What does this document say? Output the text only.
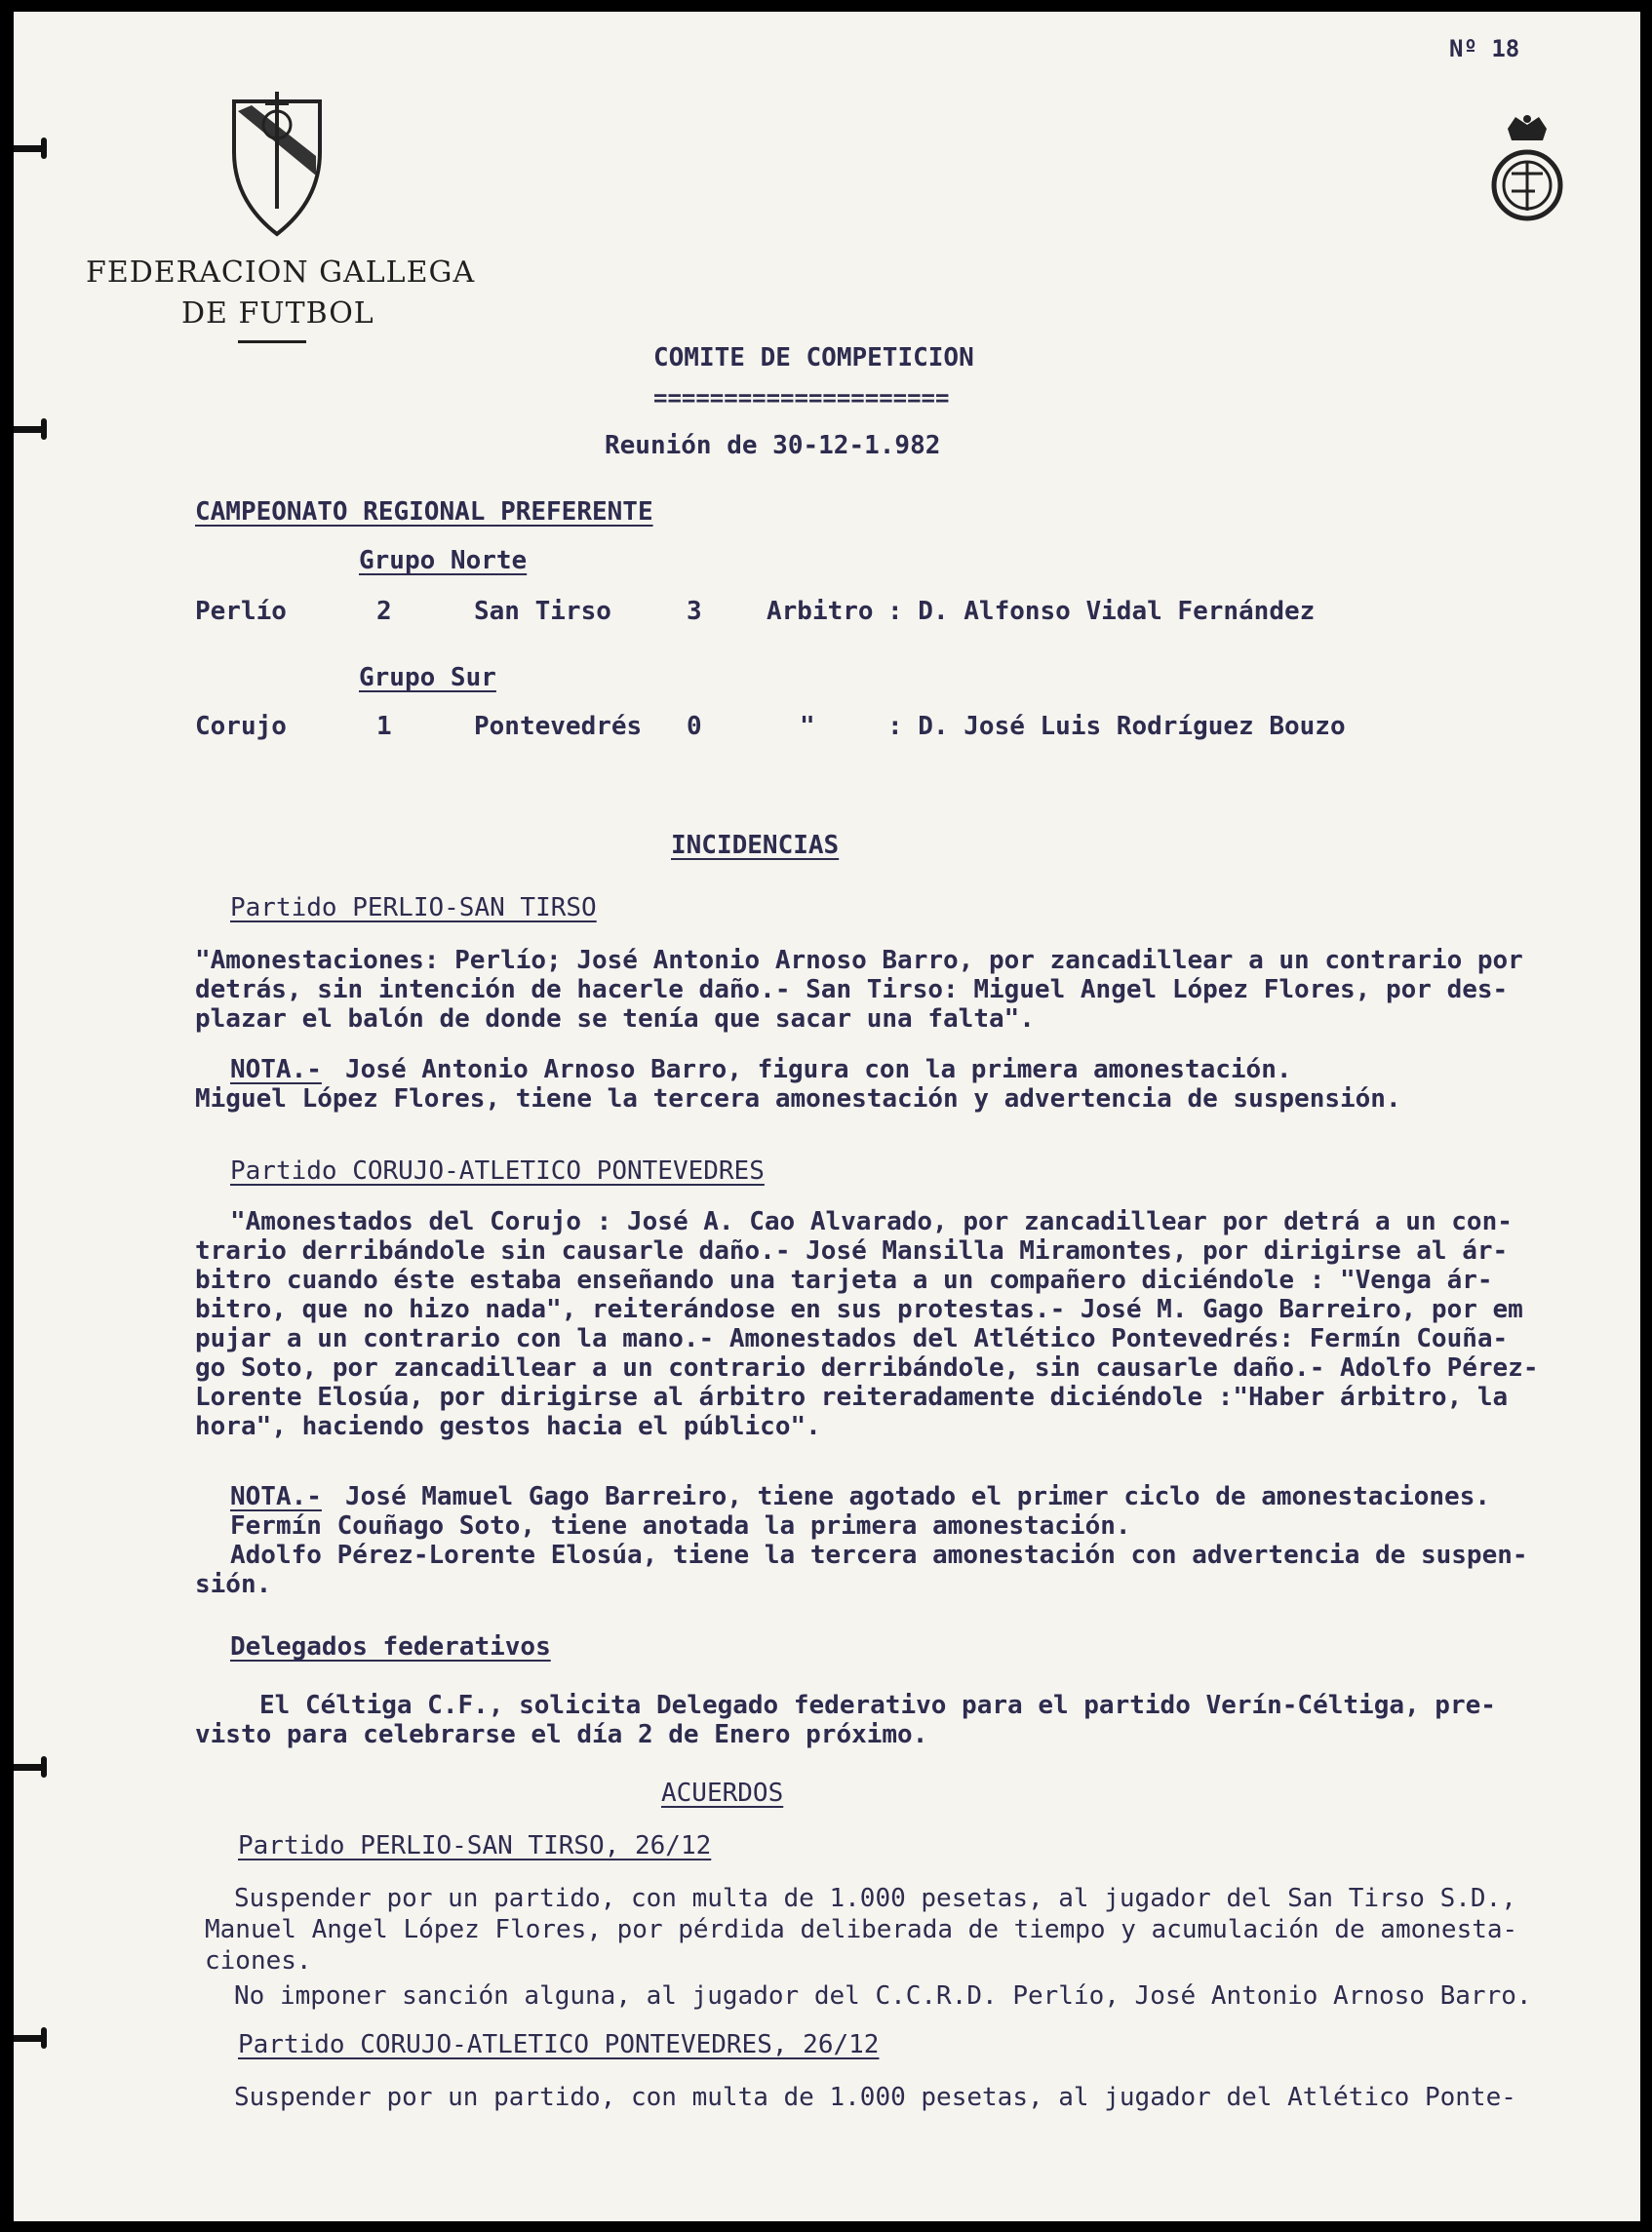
Nº 18
FEDERACION GALLEGA
DE FUTBOL
COMITE DE COMPETICION
=====================
Reunión de 30-12-1.982
CAMPEONATO REGIONAL PREFERENTE
Grupo Norte
Perlío	2	San Tirso	3	Arbitro : D. Alfonso Vidal Fernández
Grupo Sur
Corujo	1	Pontevedrés 0	"	: D. José Luis Rodríguez Bouzo
INCIDENCIAS
Partido PERLIO-SAN TIRSO
"Amonestaciones: Perlío; José Antonio Arnoso Barro, por zancadillear a un contrario por
detrás, sin intención de hacerle daño.- San Tirso: Miguel Angel López Flores, por des-
plazar el balón de donde se tenía que sacar una falta".
NOTA.- José Antonio Arnoso Barro, figura con la primera amonestación.
Miguel López Flores, tiene la tercera amonestación y advertencia de suspensión.
Partido CORUJO-ATLETICO PONTEVEDRES
"Amonestados del Corujo : José A. Cao Alvarado, por zancadillear por detrá a un con-
trario derribándole sin causarle daño.- José Mansilla Miramontes, por dirigirse al ár-
bitro cuando éste estaba enseñando una tarjeta a un compañero diciéndole : "Venga ár-
bitro, que no hizo nada", reiterándose en sus protestas.- José M. Gago Barreiro, por em
pujar a un contrario con la mano.- Amonestados del Atlético Pontevedrés: Fermín Couña-
go Soto, por zancadillear a un contrario derribándole, sin causarle daño.- Adolfo Pérez-
Lorente Elosúa, por dirigirse al árbitro reiteradamente diciéndole :"Haber árbitro, la
hora", haciendo gestos hacia el público".
NOTA.- José Mamuel Gago Barreiro, tiene agotado el primer ciclo de amonestaciones.
Fermín Couñago Soto, tiene anotada la primera amonestación.
Adolfo Pérez-Lorente Elosúa, tiene la tercera amonestación con advertencia de suspen-
sión.
Delegados federativos
El Céltiga C.F., solicita Delegado federativo para el partido Verín-Céltiga, pre-
visto para celebrarse el día 2 de Enero próximo.
ACUERDOS
Partido PERLIO-SAN TIRSO, 26/12
Suspender por un partido, con multa de 1.000 pesetas, al jugador del San Tirso S.D.,
Manuel Angel López Flores, por pérdida deliberada de tiempo y acumulación de amonesta-
ciones.
No imponer sanción alguna, al jugador del C.C.R.D. Perlío, José Antonio Arnoso Barro.
Partido CORUJO-ATLETICO PONTEVEDRES, 26/12
Suspender por un partido, con multa de 1.000 pesetas, al jugador del Atlético Ponte-
